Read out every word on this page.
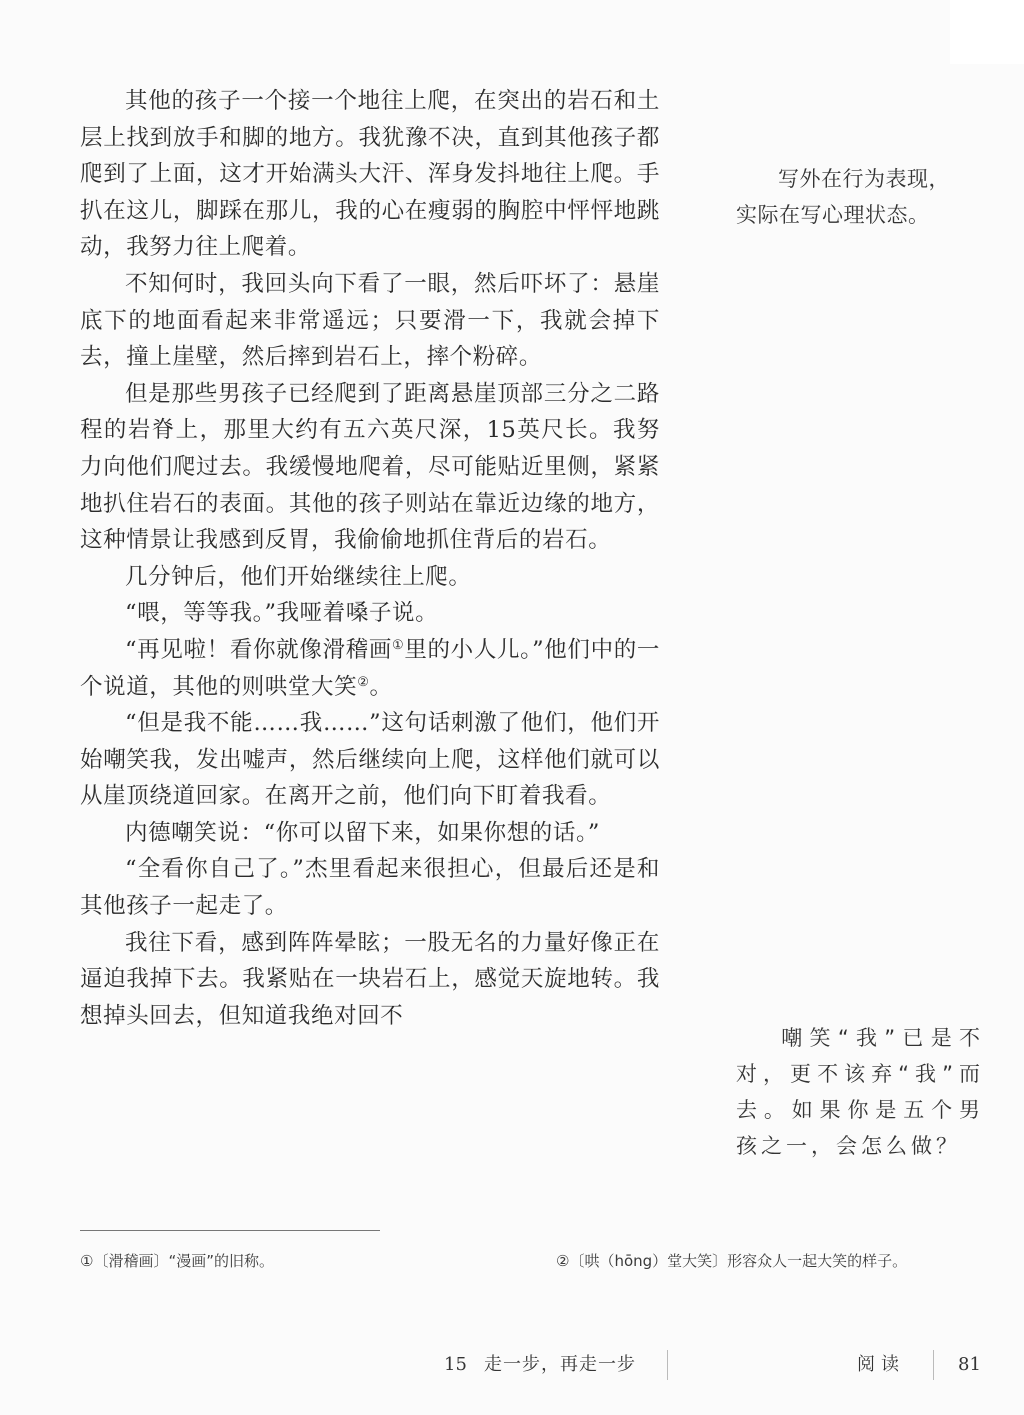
其他的孩子一个接一个地往上爬，在突出的岩石和土层上找到放手和脚的地方。我犹豫不决，直到其他孩子都爬到了上面，这才开始满头大汗、浑身发抖地往上爬。手扒在这儿，脚踩在那儿，我的心在瘦弱的胸腔中怦怦地跳动，我努力往上爬着。

不知何时，我回头向下看了一眼，然后吓坏了：悬崖底下的地面看起来非常遥远；只要滑一下，我就会掉下去，撞上崖壁，然后摔到岩石上，摔个粉碎。

但是那些男孩子已经爬到了距离悬崖顶部三分之二路程的岩脊上，那里大约有五六英尺深，15英尺长。我努力向他们爬过去。我缓慢地爬着，尽可能贴近里侧，紧紧地扒住岩石的表面。其他的孩子则站在靠近边缘的地方，这种情景让我感到反胃，我偷偷地抓住背后的岩石。

几分钟后，他们开始继续往上爬。

“喂，等等我。”我哑着嗓子说。

“再见啦！看你就像滑稽画①里的小人儿。”他们中的一个说道，其他的则哄堂大笑②。

“但是我不能……我……”这句话刺激了他们，他们开始嘲笑我，发出嘘声，然后继续向上爬，这样他们就可以从崖顶绕道回家。在离开之前，他们向下盯着我看。

内德嘲笑说：“你可以留下来，如果你想的话。”

“全看你自己了。”杰里看起来很担心，但最后还是和其他孩子一起走了。

我往下看，感到阵阵晕眩；一股无名的力量好像正在逼迫我掉下去。我紧贴在一块岩石上，感觉天旋地转。我想掉头回去，但知道我绝对回不

写外在行为表现，
实际在写心理状态。
嘲笑“我”已是不对，更不该弃“我”而去。如果你是五个男孩之一，会怎么做？
①〔滑稽画〕“漫画”的旧称。	②〔哄（hōng）堂大笑〕形容众人一起大笑的样子。
15 走一步，再走一步	阅读	81
